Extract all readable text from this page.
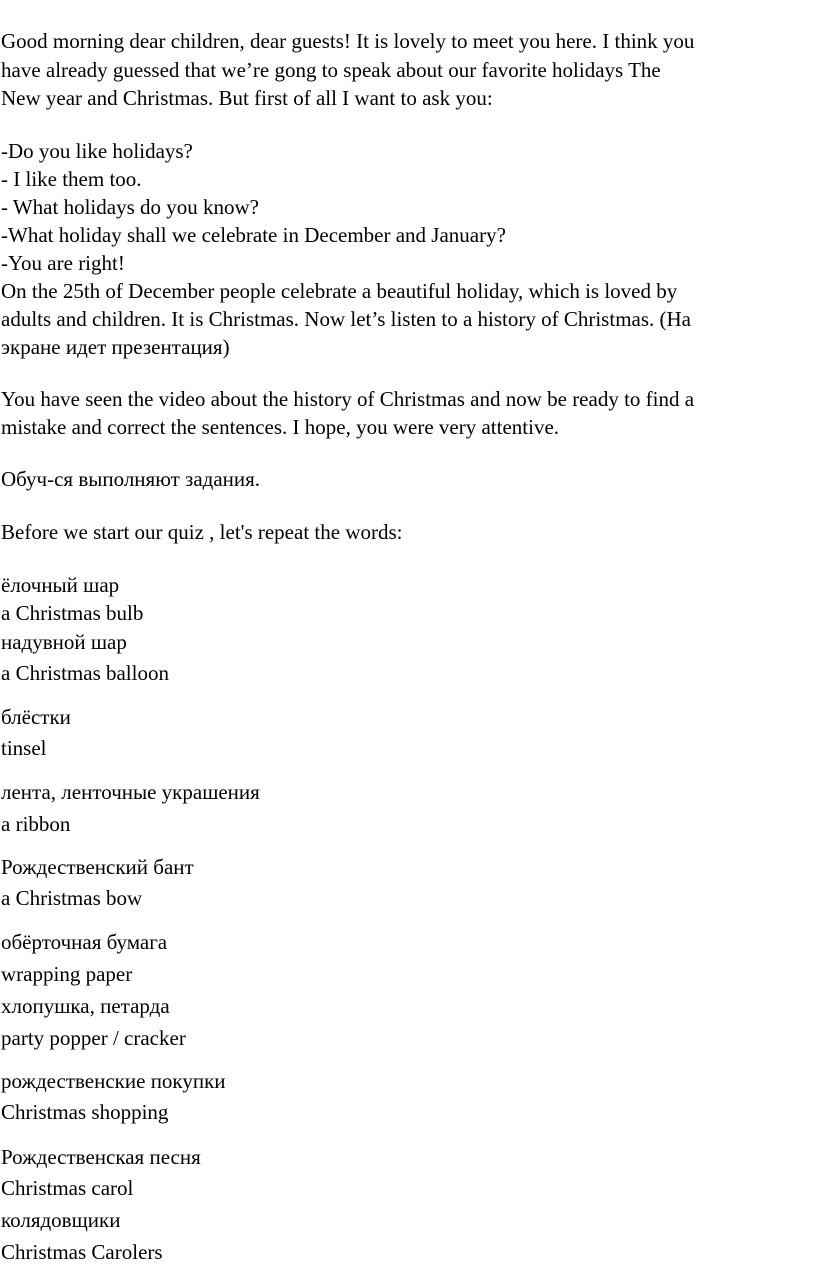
Good morning dear children, dear guests! It is lovely to meet you here. I think you
have already guessed that we’re gong to speak about our favorite holidays The
New year and Christmas. But first of all I want to ask you:
-Do you like holidays?
- I like them too.
- What holidays do you know?
-What holiday shall we celebrate in December and January?
-You are right!
On the 25th of December people celebrate a beautiful holiday, which is loved by
adults and children. It is Christmas. Now let’s listen to a history of Christmas. (На
экране идет презентация)
You have seen the video about the history of Christmas and now be ready to find a
mistake and correct the sentences. I hope, you were very attentive.
Обуч-ся выполняют задания.
Before we start our quiz , let's repeat the words:
ёлочный шар
a Christmas bulb
надувной шар
a Christmas balloon
блёстки
tinsel
лента, ленточные украшения
a ribbon
Рождественский бант
a Christmas bow
обёрточная бумага
wrapping paper
хлопушка, петарда
party popper / cracker
рождественские покупки
Christmas shopping
Рождественская песня
Christmas carol
колядовщики
Christmas Carolers
